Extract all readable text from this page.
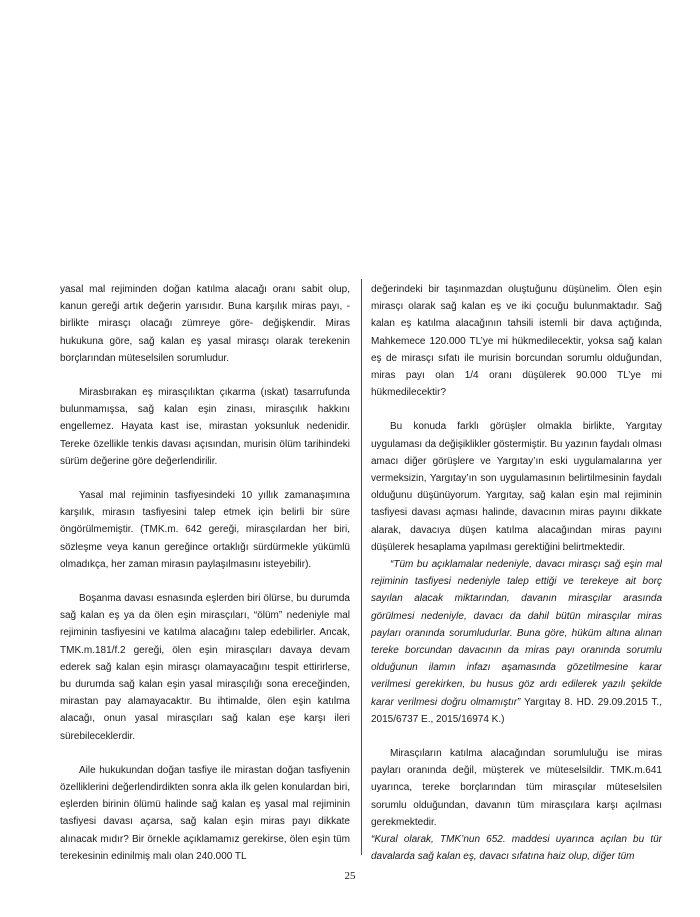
yasal mal rejiminden doğan katılma alacağı oranı sabit olup, kanun gereği artık değerin yarısıdır. Buna karşılık miras payı, -birlikte mirasçı olacağı zümreye göre- değişkendir. Miras hukukuna göre, sağ kalan eş yasal mirasçı olarak terekenin borçlarından müteselsilen sorumludur.

Mirasbırakan eş mirasçılıktan çıkarma (ıskat) tasarrufunda bulunmamışsa, sağ kalan eşin zinası, mirasçılık hakkını engellemez. Hayata kast ise, mirastan yoksunluk nedenidir. Tereke özellikle tenkis davası açısından, murisin ölüm tarihindeki sürüm değerine göre değerlendirilir.

Yasal mal rejiminin tasfiyesindeki 10 yıllık zamanaşımına karşılık, mirasın tasfiyesini talep etmek için belirli bir süre öngörülmemiştir. (TMK.m. 642 gereği, mirasçılardan her biri, sözleşme veya kanun gereğince ortaklığı sürdürmekle yükümlü olmadıkça, her zaman mirasın paylaşılmasını isteyebilir).

Boşanma davası esnasında eşlerden biri ölürse, bu durumda sağ kalan eş ya da ölen eşin mirasçıları, “ölüm” nedeniyle mal rejiminin tasfiyesini ve katılma alacağını talep edebilirler. Ancak, TMK.m.181/f.2 gereği, ölen eşin mirasçıları davaya devam ederek sağ kalan eşin mirasçı olamayacağını tespit ettirirlerse, bu durumda sağ kalan eşin yasal mirasçılığı sona ereceğinden, mirastan pay alamayacaktır. Bu ihtimalde, ölen eşin katılma alacağı, onun yasal mirasçıları sağ kalan eşe karşı ileri sürebileceklerdir.

Aile hukukundan doğan tasfiye ile mirastan doğan tasfiyenin özelliklerini değerlendirdikten sonra akla ilk gelen konulardan biri, eşlerden birinin ölümü halinde sağ kalan eş yasal mal rejiminin tasfiyesi davası açarsa, sağ kalan eşin miras payı dikkate alınacak mıdır? Bir örnekle açıklamamız gerekirse, ölen eşin tüm terekesinin edinilmiş malı olan 240.000 TL

değerindeki bir taşınmazdan oluştuğunu düşünelim. Ölen eşin mirasçı olarak sağ kalan eş ve iki çocuğu bulunmaktadır. Sağ kalan eş katılma alacağının tahsili istemli bir dava açtığında, Mahkemece 120.000 TL’ye mi hükmedilecektir, yoksa sağ kalan eş de mirasçı sıfatı ile murisin borcundan sorumlu olduğundan, miras payı olan 1/4 oranı düşülerek 90.000 TL’ye mi hükmedilecektir?

Bu konuda farklı görüşler olmakla birlikte, Yargıtay uygulaması da değişiklikler göstermiştir. Bu yazının faydalı olması amacı diğer görüşlere ve Yargıtay’ın eski uygulamalarına yer vermeksizin, Yargıtay’ın son uygulamasının belirtilmesinin faydalı olduğunu düşünüyorum. Yargıtay, sağ kalan eşin mal rejiminin tasfiyesi davası açması halinde, davacının miras payını dikkate alarak, davacıya düşen katılma alacağından miras payını düşülerek hesaplama yapılması gerektiğini belirtmektedir.

“Tüm bu açıklamalar nedeniyle, davacı mirasçı sağ eşin mal rejiminin tasfiyesi nedeniyle talep ettiği ve terekeye ait borç sayılan alacak miktarından, davanın mirasçılar arasında görülmesi nedeniyle, davacı da dahil bütün mirasçılar miras payları oranında sorumludurlar. Buna göre, hüküm altına alınan tereke borcundan davacının da miras payı oranında sorumlu olduğunun ilamın infazı aşamasında gözetilmesine karar verilmesi gerekirken, bu husus göz ardı edilerek yazılı şekilde karar verilmesi doğru olmamıştır” Yargıtay 8. HD. 29.09.2015 T., 2015/6737 E., 2015/16974 K.)

Mirasçıların katılma alacağından sorumluluğu ise miras payları oranında değil, müşterek ve müteselsildir. TMK.m.641 uyarınca, tereke borçlarından tüm mirasçılar müteselsilen sorumlu olduğundan, davanın tüm mirasçılara karşı açılması gerekmektedir.

“Kural olarak, TMK’nun 652. maddesi uyarınca açılan bu tür davalarda sağ kalan eş, davacı sıfatına haiz olup, diğer tüm

25
